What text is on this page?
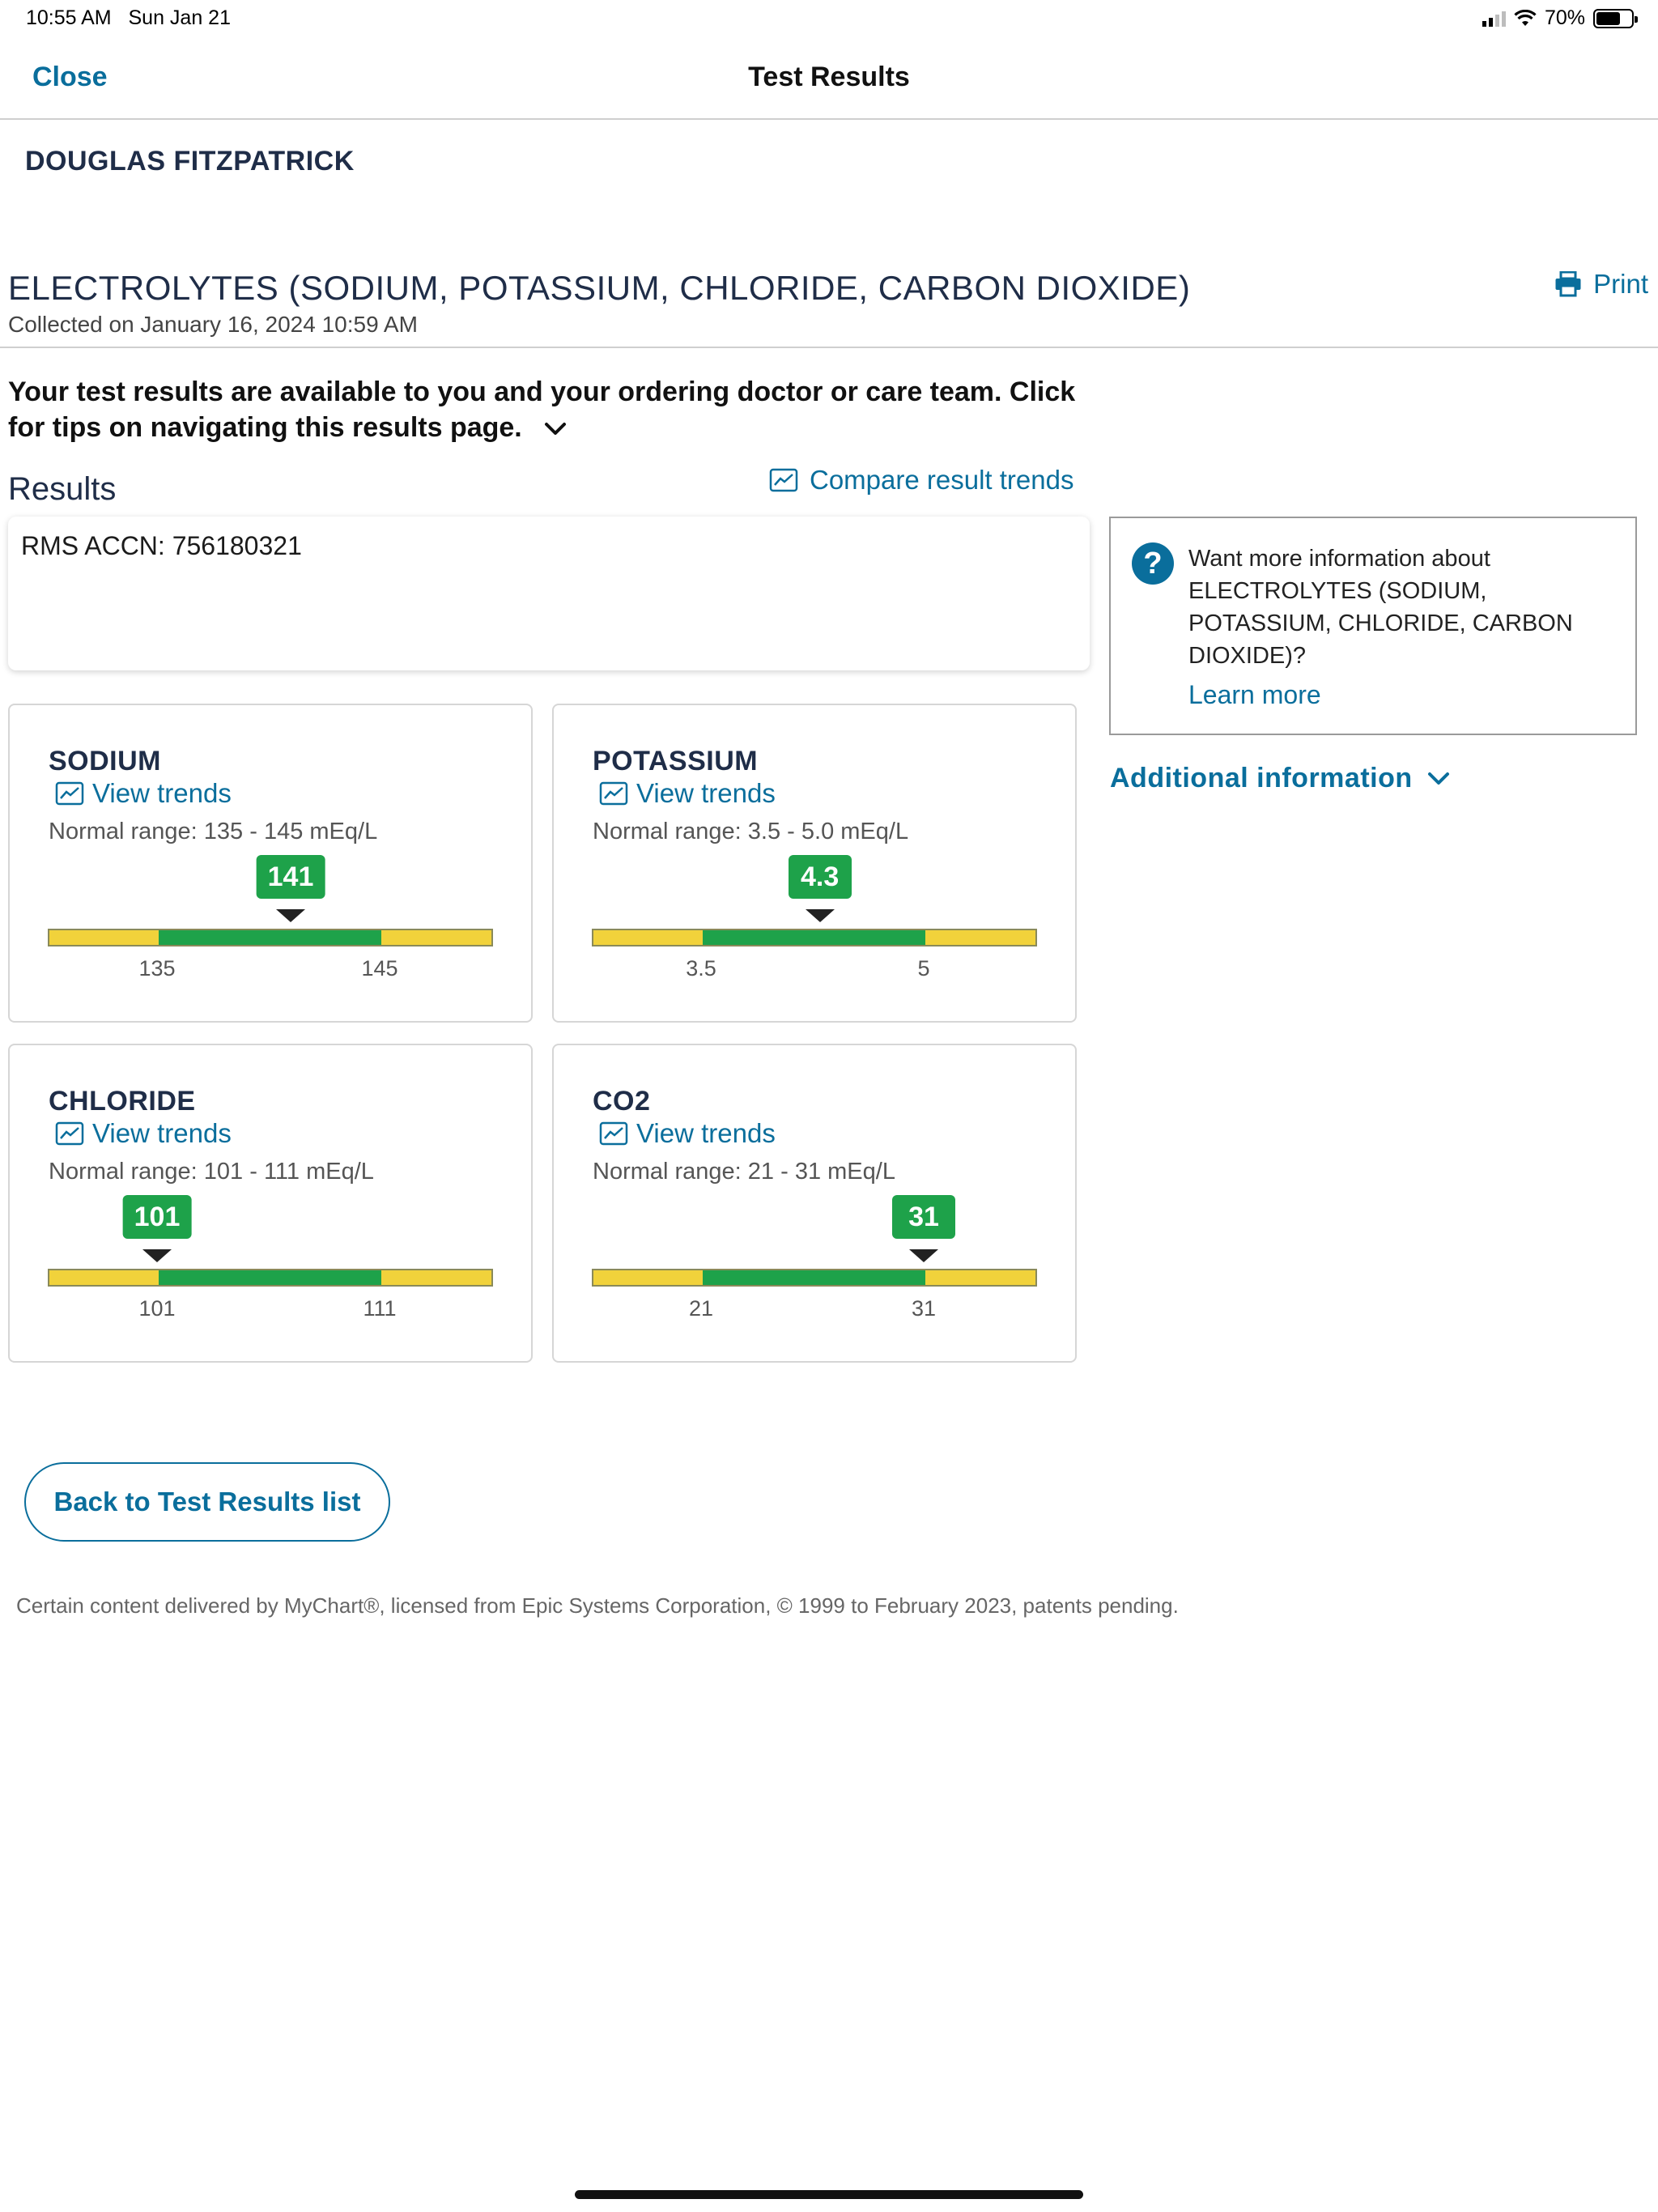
10:55 AM Sun Jan 21	70%
Close	Test Results
DOUGLAS FITZPATRICK
ELECTROLYTES (SODIUM, POTASSIUM, CHLORIDE, CARBON DIOXIDE)
Collected on January 16, 2024 10:59 AM
Print
Your test results are available to you and your ordering doctor or care team. Click for tips on navigating this results page.
Results	Compare result trends
RMS ACCN: 756180321
?	Want more information about ELECTROLYTES (SODIUM, POTASSIUM, CHLORIDE, CARBON DIOXIDE)?
Learn more
Additional information
SODIUM
View trends
Normal range: 135 - 145 mEq/L
141
135	145
POTASSIUM
View trends
Normal range: 3.5 - 5.0 mEq/L
4.3
3.5	5
CHLORIDE
View trends
Normal range: 101 - 111 mEq/L
101
101	111
CO2
View trends
Normal range: 21 - 31 mEq/L
31
21	31
Back to Test Results list
Certain content delivered by MyChart®, licensed from Epic Systems Corporation, © 1999 to February 2023, patents pending.
